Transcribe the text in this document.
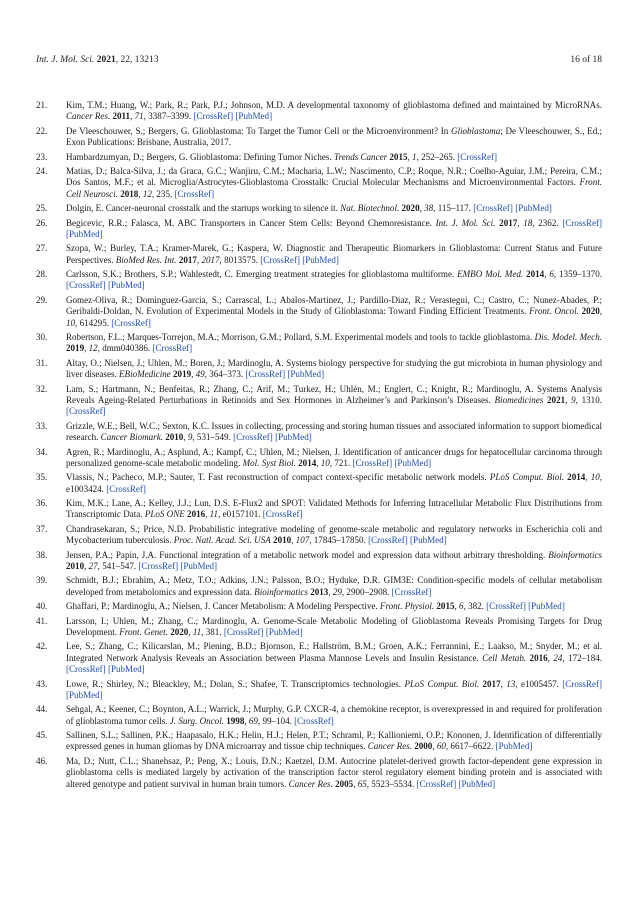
Int. J. Mol. Sci. 2021, 22, 13213	16 of 18
21.	Kim, T.M.; Huang, W.; Park, R.; Park, P.J.; Johnson, M.D. A developmental taxonomy of glioblastoma defined and maintained by MicroRNAs. Cancer Res. 2011, 71, 3387–3399. [CrossRef] [PubMed]
22.	De Vleeschouwer, S.; Bergers, G. Glioblastoma: To Target the Tumor Cell or the Microenvironment? In Glioblastoma; De Vleeschouwer, S., Ed.; Exon Publications: Brisbane, Australia, 2017.
23.	Hambardzumyan, D.; Bergers, G. Glioblastoma: Defining Tumor Niches. Trends Cancer 2015, 1, 252–265. [CrossRef]
24.	Matias, D.; Balca-Silva, J.; da Graca, G.C.; Wanjiru, C.M.; Macharia, L.W.; Nascimento, C.P.; Roque, N.R.; Coelho-Aguiar, J.M.; Pereira, C.M.; Dos Santos, M.F.; et al. Microglia/Astrocytes-Glioblastoma Crosstalk: Crucial Molecular Mechanisms and Microenvironmental Factors. Front. Cell Neurosci. 2018, 12, 235. [CrossRef]
25.	Dolgin, E. Cancer-neuronal crosstalk and the startups working to silence it. Nat. Biotechnol. 2020, 38, 115–117. [CrossRef] [PubMed]
26.	Begicevic, R.R.; Falasca, M. ABC Transporters in Cancer Stem Cells: Beyond Chemoresistance. Int. J. Mol. Sci. 2017, 18, 2362. [CrossRef] [PubMed]
27.	Szopa, W.; Burley, T.A.; Kramer-Marek, G.; Kaspera, W. Diagnostic and Therapeutic Biomarkers in Glioblastoma: Current Status and Future Perspectives. BioMed Res. Int. 2017, 2017, 8013575. [CrossRef] [PubMed]
28.	Carlsson, S.K.; Brothers, S.P.; Wahlestedt, C. Emerging treatment strategies for glioblastoma multiforme. EMBO Mol. Med. 2014, 6, 1359–1370. [CrossRef] [PubMed]
29.	Gomez-Oliva, R.; Dominguez-Garcia, S.; Carrascal, L.; Abalos-Martinez, J.; Pardillo-Diaz, R.; Verastegui, C.; Castro, C.; Nunez-Abades, P.; Geribaldi-Doldan, N. Evolution of Experimental Models in the Study of Glioblastoma: Toward Finding Efficient Treatments. Front. Oncol. 2020, 10, 614295. [CrossRef]
30.	Robertson, F.L.; Marques-Torrejon, M.A.; Morrison, G.M.; Pollard, S.M. Experimental models and tools to tackle glioblastoma. Dis. Model. Mech. 2019, 12, dmm040386. [CrossRef]
31.	Altay, O.; Nielsen, J.; Uhlen, M.; Boren, J.; Mardinoglu, A. Systems biology perspective for studying the gut microbiota in human physiology and liver diseases. EBioMedicine 2019, 49, 364–373. [CrossRef] [PubMed]
32.	Lam, S.; Hartmann, N.; Benfeitas, R.; Zhang, C.; Arif, M.; Turkez, H.; Uhlén, M.; Englert, C.; Knight, R.; Mardinoglu, A. Systems Analysis Reveals Ageing-Related Perturbations in Retinoids and Sex Hormones in Alzheimer’s and Parkinson’s Diseases. Biomedicines 2021, 9, 1310. [CrossRef]
33.	Grizzle, W.E.; Bell, W.C.; Sexton, K.C. Issues in collecting, processing and storing human tissues and associated information to support biomedical research. Cancer Biomark. 2010, 9, 531–549. [CrossRef] [PubMed]
34.	Agren, R.; Mardinoglu, A.; Asplund, A.; Kampf, C.; Uhlen, M.; Nielsen, J. Identification of anticancer drugs for hepatocellular carcinoma through personalized genome-scale metabolic modeling. Mol. Syst Biol. 2014, 10, 721. [CrossRef] [PubMed]
35.	Vlassis, N.; Pacheco, M.P.; Sauter, T. Fast reconstruction of compact context-specific metabolic network models. PLoS Comput. Biol. 2014, 10, e1003424. [CrossRef]
36.	Kim, M.K.; Lane, A.; Kelley, J.J.; Lun, D.S. E-Flux2 and SPOT: Validated Methods for Inferring Intracellular Metabolic Flux Distributions from Transcriptomic Data. PLoS ONE 2016, 11, e0157101. [CrossRef]
37.	Chandrasekaran, S.; Price, N.D. Probabilistic integrative modeling of genome-scale metabolic and regulatory networks in Escherichia coli and Mycobacterium tuberculosis. Proc. Natl. Acad. Sci. USA 2010, 107, 17845–17850. [CrossRef] [PubMed]
38.	Jensen, P.A.; Papin, J.A. Functional integration of a metabolic network model and expression data without arbitrary thresholding. Bioinformatics 2010, 27, 541–547. [CrossRef] [PubMed]
39.	Schmidt, B.J.; Ebrahim, A.; Metz, T.O.; Adkins, J.N.; Palsson, B.O.; Hyduke, D.R. GIM3E: Condition-specific models of cellular metabolism developed from metabolomics and expression data. Bioinformatics 2013, 29, 2900–2908. [CrossRef]
40.	Ghaffari, P.; Mardinoglu, A.; Nielsen, J. Cancer Metabolism: A Modeling Perspective. Front. Physiol. 2015, 6, 382. [CrossRef] [PubMed]
41.	Larsson, I.; Uhlen, M.; Zhang, C.; Mardinoglu, A. Genome-Scale Metabolic Modeling of Glioblastoma Reveals Promising Targets for Drug Development. Front. Genet. 2020, 11, 381. [CrossRef] [PubMed]
42.	Lee, S.; Zhang, C.; Kilicarslan, M.; Piening, B.D.; Bjornson, E.; Hallström, B.M.; Groen, A.K.; Ferrannini, E.; Laakso, M.; Snyder, M.; et al. Integrated Network Analysis Reveals an Association between Plasma Mannose Levels and Insulin Resistance. Cell Metab. 2016, 24, 172–184. [CrossRef] [PubMed]
43.	Lowe, R.; Shirley, N.; Bleackley, M.; Dolan, S.; Shafee, T. Transcriptomics technologies. PLoS Comput. Biol. 2017, 13, e1005457. [CrossRef] [PubMed]
44.	Sehgal, A.; Keener, C.; Boynton, A.L.; Warrick, J.; Murphy, G.P. CXCR-4, a chemokine receptor, is overexpressed in and required for proliferation of glioblastoma tumor cells. J. Surg. Oncol. 1998, 69, 99–104. [CrossRef]
45.	Sallinen, S.L.; Sallinen, P.K.; Haapasalo, H.K.; Helin, H.J.; Helen, P.T.; Schraml, P.; Kallioniemi, O.P.; Kononen, J. Identification of differentially expressed genes in human gliomas by DNA microarray and tissue chip techniques. Cancer Res. 2000, 60, 6617–6622. [PubMed]
46.	Ma, D.; Nutt, C.L.; Shanehsaz, P.; Peng, X.; Louis, D.N.; Kaetzel, D.M. Autocrine platelet-derived growth factor-dependent gene expression in glioblastoma cells is mediated largely by activation of the transcription factor sterol regulatory element binding protein and is associated with altered genotype and patient survival in human brain tumors. Cancer Res. 2005, 65, 5523–5534. [CrossRef] [PubMed]
